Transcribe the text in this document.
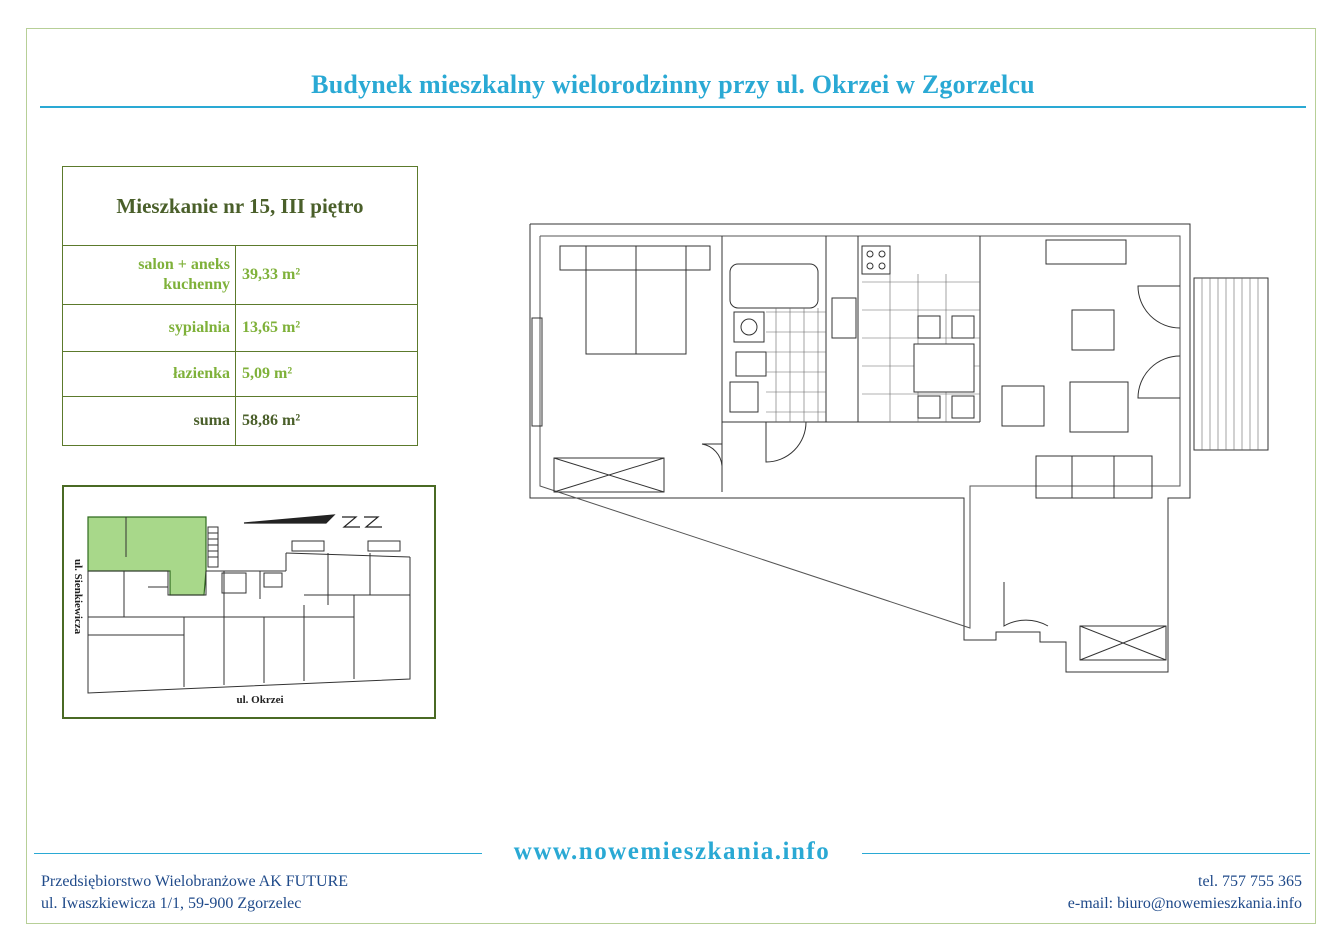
Budynek mieszkalny wielorodzinny przy ul. Okrzei w Zgorzelcu
Mieszkanie nr 15, III piętro	
salon + aneks
kuchenny	39,33 m²
sypialnia	13,65 m²
łazienka	5,09 m²
suma	58,86 m²
ul. Sienkiewicza
ul. Okrzei
www.nowemieszkania.info
Przedsiębiorstwo Wielobranżowe AK FUTURE
ul. Iwaszkiewicza 1/1, 59-900 Zgorzelec
tel. 757 755 365
e-mail: biuro@nowemieszkania.info
